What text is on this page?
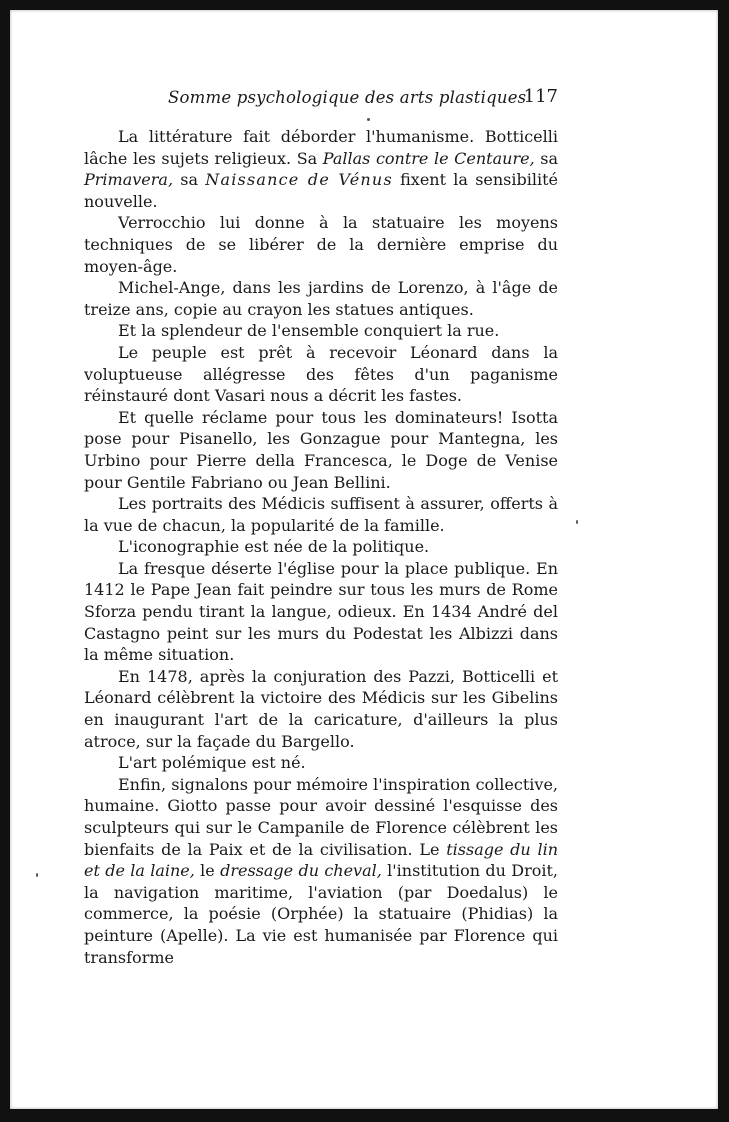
Somme psychologique des arts plastiques
117

La littérature fait déborder l'humanisme. Botticelli lâche les sujets religieux. Sa Pallas contre le Centaure, sa Primavera, sa Naissance de Vénus fixent la sensibilité nouvelle.

Verrocchio lui donne à la statuaire les moyens techniques de se libérer de la dernière emprise du moyen-âge.

Michel-Ange, dans les jardins de Lorenzo, à l'âge de treize ans, copie au crayon les statues antiques.

Et la splendeur de l'ensemble conquiert la rue.

Le peuple est prêt à recevoir Léonard dans la voluptueuse allégresse des fêtes d'un paganisme réinstauré dont Vasari nous a décrit les fastes.

Et quelle réclame pour tous les dominateurs! Isotta pose pour Pisanello, les Gonzague pour Mantegna, les Urbino pour Pierre della Francesca, le Doge de Venise pour Gentile Fabriano ou Jean Bellini.

Les portraits des Médicis suffisent à assurer, offerts à la vue de chacun, la popularité de la famille.

L'iconographie est née de la politique.

La fresque déserte l'église pour la place publique. En 1412 le Pape Jean fait peindre sur tous les murs de Rome Sforza pendu tirant la langue, odieux. En 1434 André del Castagno peint sur les murs du Podestat les Albizzi dans la même situation.

En 1478, après la conjuration des Pazzi, Botticelli et Léonard célèbrent la victoire des Médicis sur les Gibelins en inaugurant l'art de la caricature, d'ailleurs la plus atroce, sur la façade du Bargello.

L'art polémique est né.

Enfin, signalons pour mémoire l'inspiration collective, humaine. Giotto passe pour avoir dessiné l'esquisse des sculpteurs qui sur le Campanile de Florence célèbrent les bienfaits de la Paix et de la civilisation. Le tissage du lin et de la laine, le dressage du cheval, l'institution du Droit, la navigation maritime, l'aviation (par Doedalus) le commerce, la poésie (Orphée) la statuaire (Phidias) la peinture (Apelle). La vie est humanisée par Florence qui transforme
